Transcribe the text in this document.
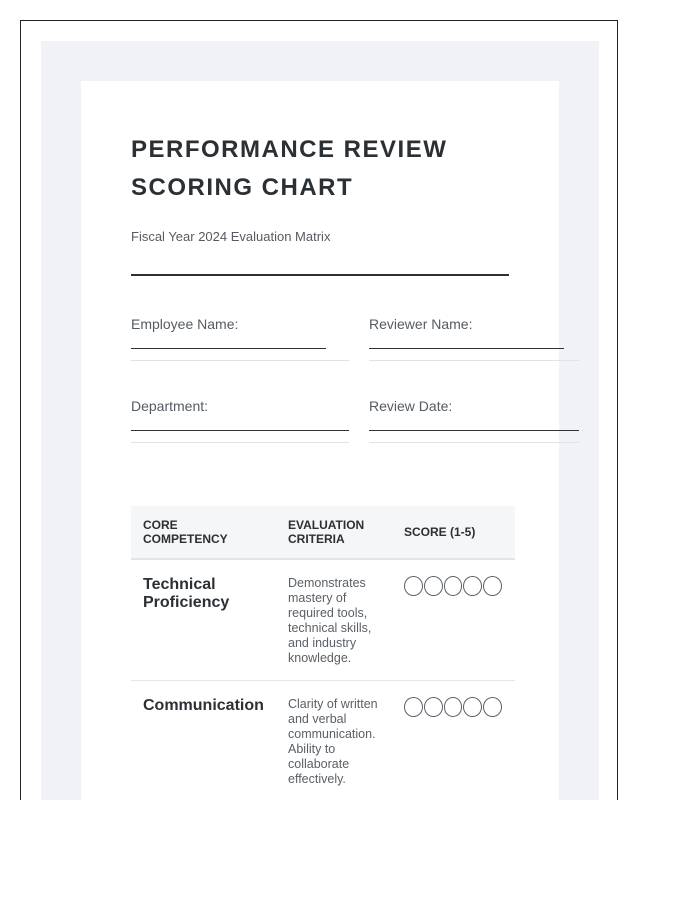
PERFORMANCE REVIEW SCORING CHART
Fiscal Year 2024 Evaluation Matrix
Employee Name:	Reviewer Name:
Department:	Review Date:
CORE COMPETENCY	EVALUATION CRITERIA	SCORE (1-5)

Technical Proficiency	Demonstrates mastery of required tools, technical skills, and industry knowledge.	

Communication	Clarity of written and verbal communication. Ability to collaborate effectively.	
